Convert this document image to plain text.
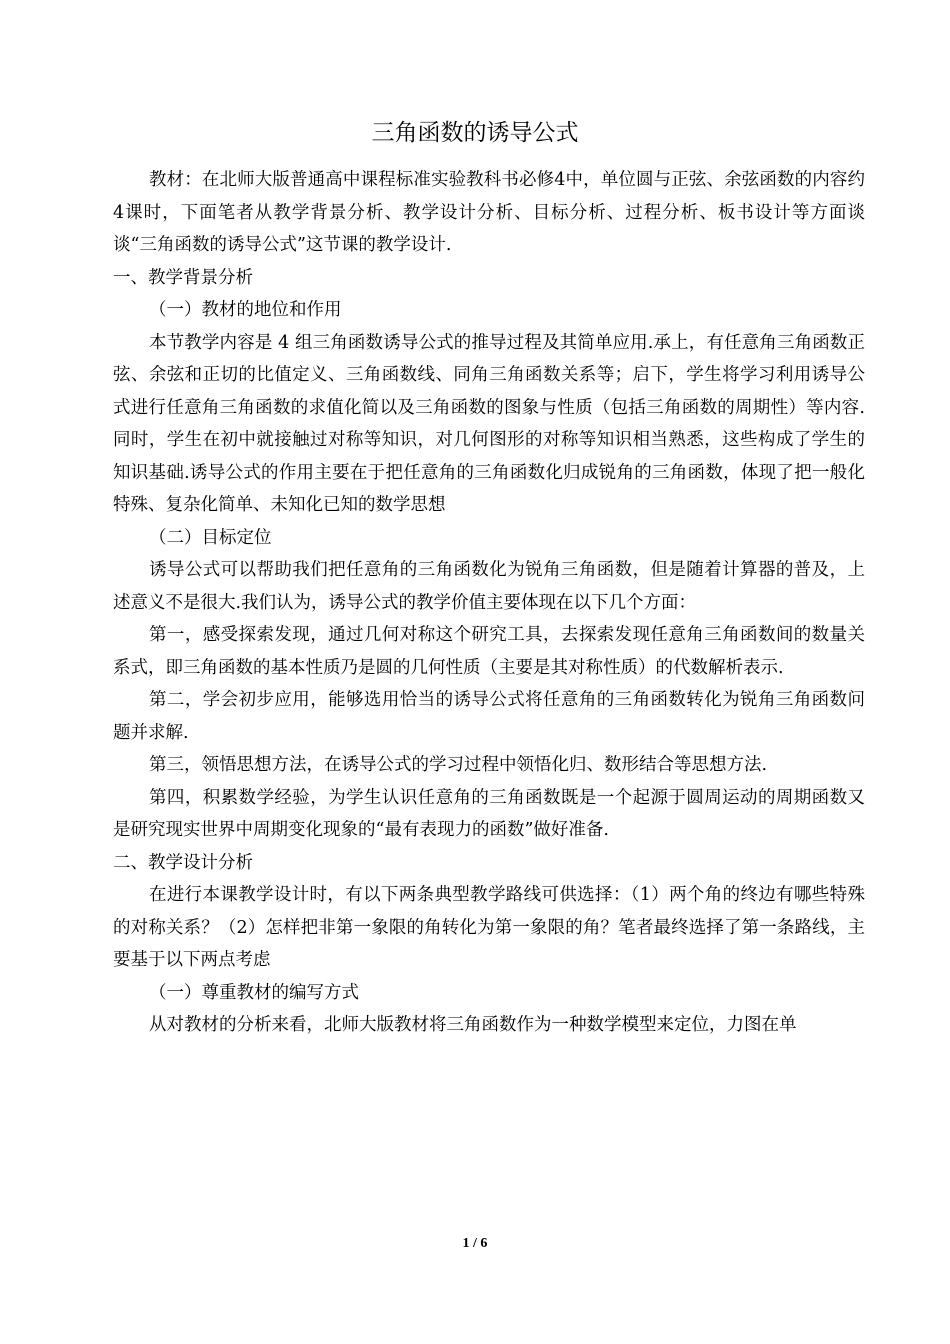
三角函数的诱导公式

教材：在北师大版普通高中课程标准实验教科书必修4中，单位圆与正弦、余弦函数的内容约4课时，下面笔者从教学背景分析、教学设计分析、目标分析、过程分析、板书设计等方面谈谈“三角函数的诱导公式”这节课的教学设计.

一、教学背景分析

（一）教材的地位和作用

本节教学内容是 4 组三角函数诱导公式的推导过程及其简单应用.承上，有任意角三角函数正弦、余弦和正切的比值定义、三角函数线、同角三角函数关系等；启下，学生将学习利用诱导公式进行任意角三角函数的求值化简以及三角函数的图象与性质（包括三角函数的周期性）等内容.同时，学生在初中就接触过对称等知识，对几何图形的对称等知识相当熟悉，这些构成了学生的知识基础.诱导公式的作用主要在于把任意角的三角函数化归成锐角的三角函数，体现了把一般化特殊、复杂化简单、未知化已知的数学思想

（二）目标定位

诱导公式可以帮助我们把任意角的三角函数化为锐角三角函数，但是随着计算器的普及，上述意义不是很大.我们认为，诱导公式的教学价值主要体现在以下几个方面：

第一，感受探索发现，通过几何对称这个研究工具，去探索发现任意角三角函数间的数量关系式，即三角函数的基本性质乃是圆的几何性质（主要是其对称性质）的代数解析表示.

第二，学会初步应用，能够选用恰当的诱导公式将任意角的三角函数转化为锐角三角函数问题并求解.

第三，领悟思想方法，在诱导公式的学习过程中领悟化归、数形结合等思想方法.

第四，积累数学经验，为学生认识任意角的三角函数既是一个起源于圆周运动的周期函数又是研究现实世界中周期变化现象的“最有表现力的函数”做好准备.

二、教学设计分析

在进行本课教学设计时，有以下两条典型教学路线可供选择：（1）两个角的终边有哪些特殊的对称关系？（2）怎样把非第一象限的角转化为第一象限的角？笔者最终选择了第一条路线，主要基于以下两点考虑

（一）尊重教材的编写方式

从对教材的分析来看，北师大版教材将三角函数作为一种数学模型来定位，力图在单

1 / 6
